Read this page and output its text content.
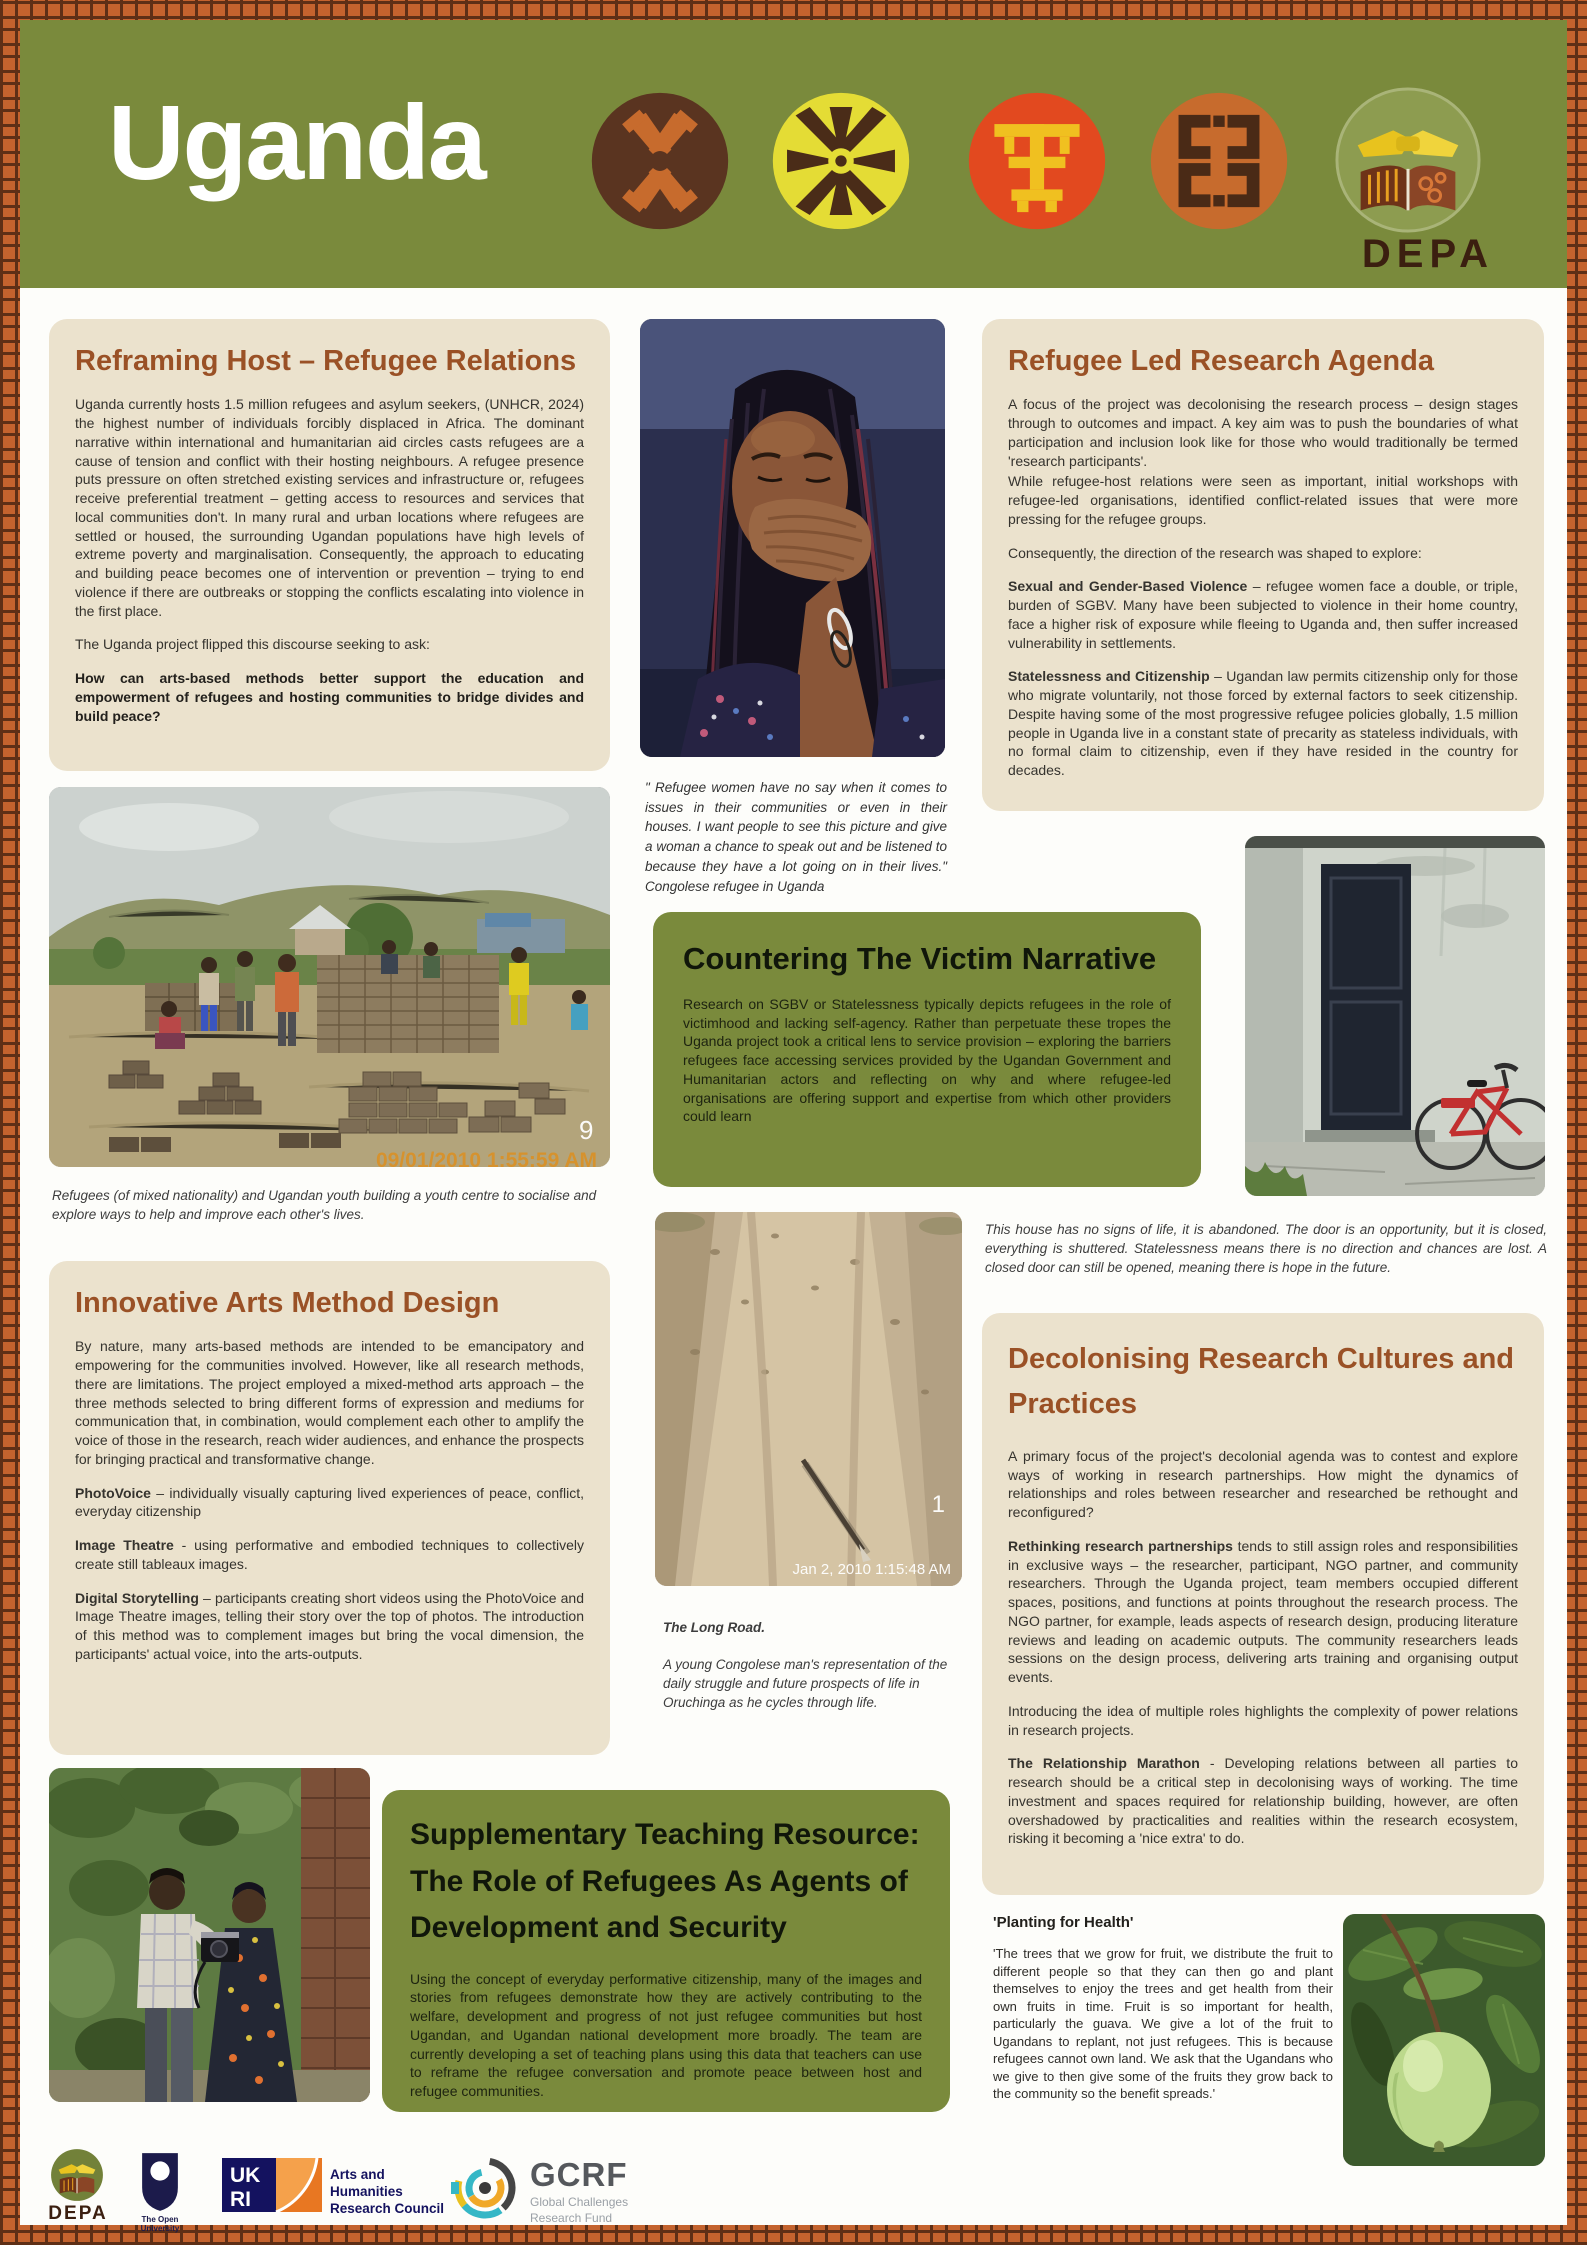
Uganda
DEPA
Reframing Host – Refugee Relations

Uganda currently hosts 1.5 million refugees and asylum seekers, (UNHCR, 2024) the highest number of individuals forcibly displaced in Africa. The dominant narrative within international and humanitarian aid circles casts refugees are a cause of tension and conflict with their hosting neighbours. A refugee presence puts pressure on often stretched existing services and infrastructure or, refugees receive preferential treatment – getting access to resources and services that local communities don't. In many rural and urban locations where refugees are settled or housed, the surrounding Ugandan populations have high levels of extreme poverty and marginalisation. Consequently, the approach to educating and building peace becomes one of intervention or prevention – trying to end violence if there are outbreaks or stopping the conflicts escalating into violence in the first place.

The Uganda project flipped this discourse seeking to ask:

How can arts-based methods better support the education and empowerment of refugees and hosting communities to bridge divides and build peace?

" Refugee women have no say when it comes to issues in their communities or even in their houses. I want people to see this picture and give a woman a chance to speak out and be listened to because they have a lot going on in their lives." Congolese refugee in Uganda
Refugee Led Research Agenda

A focus of the project was decolonising the research process – design stages through to outcomes and impact. A key aim was to push the boundaries of what participation and inclusion look like for those who would traditionally be termed 'research participants'.

While refugee-host relations were seen as important, initial workshops with refugee-led organisations, identified conflict-related issues that were more pressing for the refugee groups.

Consequently, the direction of the research was shaped to explore:

Sexual and Gender-Based Violence – refugee women face a double, or triple, burden of SGBV. Many have been subjected to violence in their home country, face a higher risk of exposure while fleeing to Uganda and, then suffer increased vulnerability in settlements.

Statelessness and Citizenship – Ugandan law permits citizenship only for those who migrate voluntarily, not those forced by external factors to seek citizenship. Despite having some of the most progressive refugee policies globally, 1.5 million people in Uganda live in a constant state of precarity as stateless individuals, with no formal claim to citizenship, even if they have resided in the country for decades.

9
09/01/2010 1:55:59 AM
Refugees (of mixed nationality) and Ugandan youth building a youth centre to socialise and explore ways to help and improve each other's lives.
Countering The Victim Narrative

Research on SGBV or Statelessness typically depicts refugees in the role of victimhood and lacking self-agency. Rather than perpetuate these tropes the Uganda project took a critical lens to service provision – exploring the barriers refugees face accessing services provided by the Ugandan Government and Humanitarian actors and reflecting on why and where refugee-led organisations are offering support and expertise from which other providers could learn

This house has no signs of life, it is abandoned. The door is an opportunity, but it is closed, everything is shuttered. Statelessness means there is no direction and chances are lost. A closed door can still be opened, meaning there is hope in the future.
Innovative Arts Method Design

By nature, many arts-based methods are intended to be emancipatory and empowering for the communities involved. However, like all research methods, there are limitations. The project employed a mixed-method arts approach – the three methods selected to bring different forms of expression and mediums for communication that, in combination, would complement each other to amplify the voice of those in the research, reach wider audiences, and enhance the prospects for bringing practical and transformative change.

PhotoVoice – individually visually capturing lived experiences of peace, conflict, everyday citizenship

Image Theatre - using performative and embodied techniques to collectively create still tableaux images.

Digital Storytelling – participants creating short videos using the PhotoVoice and Image Theatre images, telling their story over the top of photos. The introduction of this method was to complement images but bring the vocal dimension, the participants' actual voice, into the arts-outputs.

1
Jan 2, 2010 1:15:48 AM

The Long Road.

A young Congolese man's representation of the daily struggle and future prospects of life in Oruchinga as he cycles through life.

Decolonising Research Cultures and Practices

A primary focus of the project's decolonial agenda was to contest and explore ways of working in research partnerships. How might the dynamics of relationships and roles between researcher and researched be rethought and reconfigured?

Rethinking research partnerships tends to still assign roles and responsibilities in exclusive ways – the researcher, participant, NGO partner, and community researchers. Through the Uganda project, team members occupied different spaces, positions, and functions at points throughout the research process. The NGO partner, for example, leads aspects of research design, producing literature reviews and leading on academic outputs. The community researchers leads sessions on the design process, delivering arts training and organising output events.

Introducing the idea of multiple roles highlights the complexity of power relations in research projects.

The Relationship Marathon - Developing relations between all parties to research should be a critical step in decolonising ways of working. The time investment and spaces required for relationship building, however, are often overshadowed by practicalities and realities within the research ecosystem, risking it becoming a 'nice extra' to do.

Supplementary Teaching Resource: The Role of Refugees As Agents of Development and Security

Using the concept of everyday performative citizenship, many of the images and stories from refugees demonstrate how they are actively contributing to the welfare, development and progress of not just refugee communities but host Ugandan, and Ugandan national development more broadly. The team are currently developing a set of teaching plans using this data that teachers can use to reframe the refugee conversation and promote peace between host and refugee communities.

'Planting for Health'

'The trees that we grow for fruit, we distribute the fruit to different people so that they can then go and plant themselves to enjoy the trees and get health from their own fruits in time. Fruit is so important for health, particularly the guava. We give a lot of the fruit to Ugandans to replant, not just refugees. This is because refugees cannot own land. We ask that the Ugandans who we give to then give some of the fruits they grow back to the community so the benefit spreads.'

DEPA	The Open
University
UK
RI
Arts and
Humanities
Research Council
GCRF
Global Challenges
Research Fund
